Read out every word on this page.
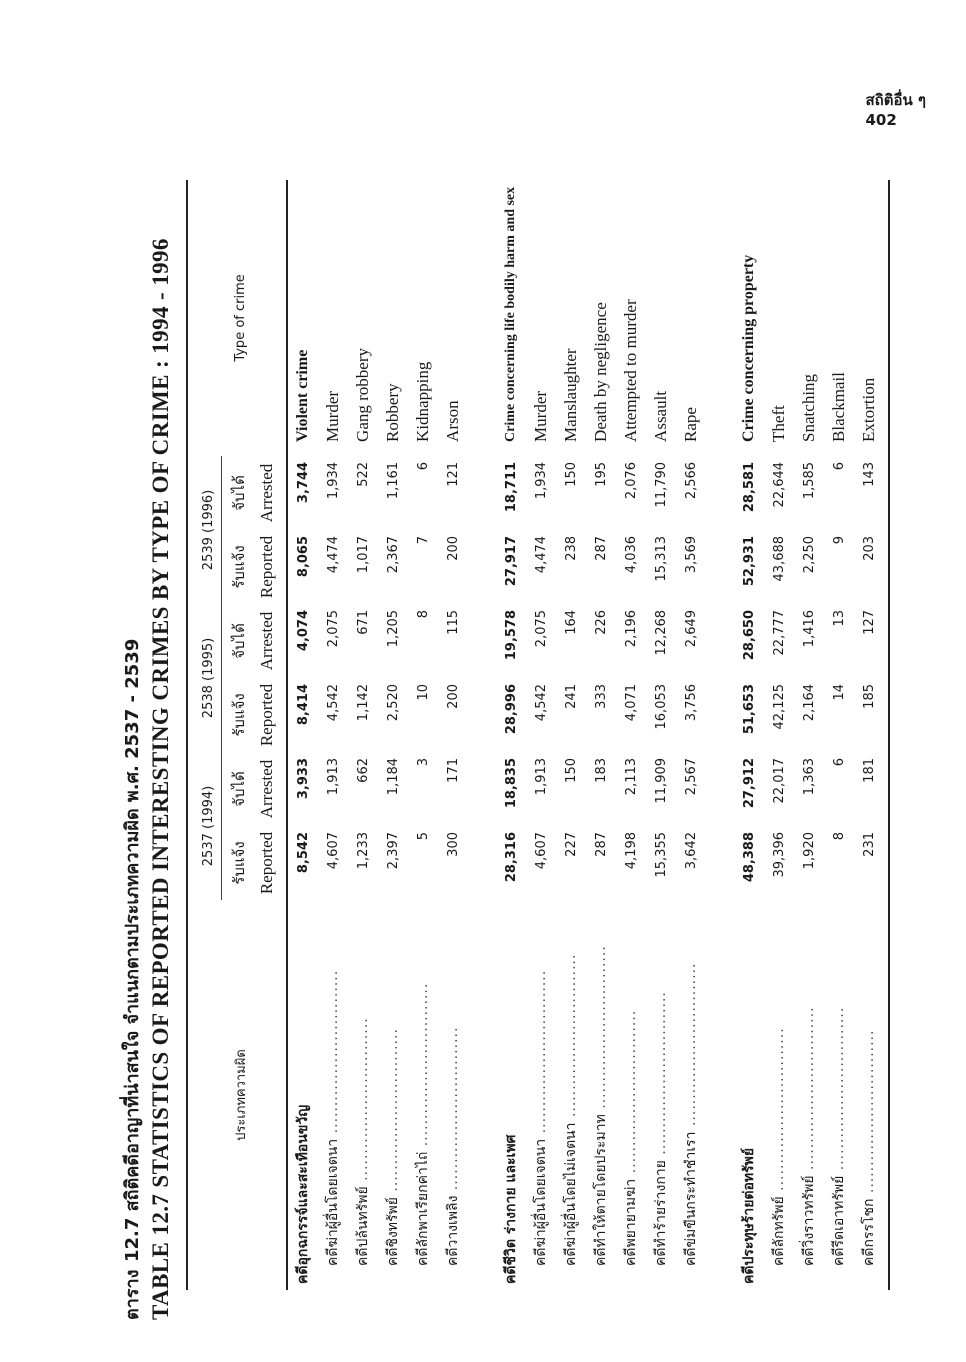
สถิติอื่น ๆ
402
ตาราง12.7 สถิติคดีอาญาที่น่าสนใจ จำแนกตามประเภทความผิด พ.ศ. 2537 - 2539 TABLE 12.7 STATISTICS OF REPORTED INTERESTING CRIMES BY TYPE OF CRIME : 1994 - 1996	ประเภทความผิด	2537 (1994)		2538 (1995)		2539 (1996)		Type of crime
	รับแจ้ง	จับได้	รับแจ้ง	จับได้	รับแจ้ง	จับได้	
	Reported	Arrested	Reported	Arrested	Reported	Arrested	
คดีอุกฉกรรจ์และสะเทือนขวัญ	8,542	3,933	8,414	4,074	8,065	3,744	Violent crime
คดีฆ่าผู้อื่นโดยเจตนา ..............................	4,607	1,913	4,542	2,075	4,474	1,934	Murder
คดีปล้นทรัพย์ ..............................	1,233	662	1,142	671	1,017	522	Gang robbery
คดีชิงทรัพย์ ..............................	2,397	1,184	2,520	1,205	2,367	1,161	Robbery
คดีลักพาเรียกค่าไถ่ ..............................	5	3	10	8	7	6	Kidnapping
คดีวางเพลิง ..............................	300	171	200	115	200	121	Arson

คดีชีวิต ร่างกาย และเพศ	28,316	18,835	28,996	19,578	27,917	18,711	Crime concerning life bodily harm and sex
คดีฆ่าผู้อื่นโดยเจตนา ..............................	4,607	1,913	4,542	2,075	4,474	1,934	Murder
คดีฆ่าผู้อื่นโดยไม่เจตนา ..............................	227	150	241	164	238	150	Manslaughter
คดีทำให้ตายโดยประมาท ..............................	287	183	333	226	287	195	Death by negligence
คดีพยายามฆ่า ..............................	4,198	2,113	4,071	2,196	4,036	2,076	Attempted to murder
คดีทำร้ายร่างกาย ..............................	15,355	11,909	16,053	12,268	15,313	11,790	Assault
คดีข่มขืนกระทำชำเรา ..............................	3,642	2,567	3,756	2,649	3,569	2,566	Rape

คดีประทุษร้ายต่อทรัพย์	48,388	27,912	51,653	28,650	52,931	28,581	Crime concerning property
คดีลักทรัพย์ ..............................	39,396	22,017	42,125	22,777	43,688	22,644	Theft
คดีวิ่งราวทรัพย์ ..............................	1,920	1,363	2,164	1,416	2,250	1,585	Snatching
คดีรีดเอาทรัพย์ ..............................	8	6	14	13	9	6	Blackmail
คดีกรรโชก ..............................	231	181	185	127	203	143	Extortion
